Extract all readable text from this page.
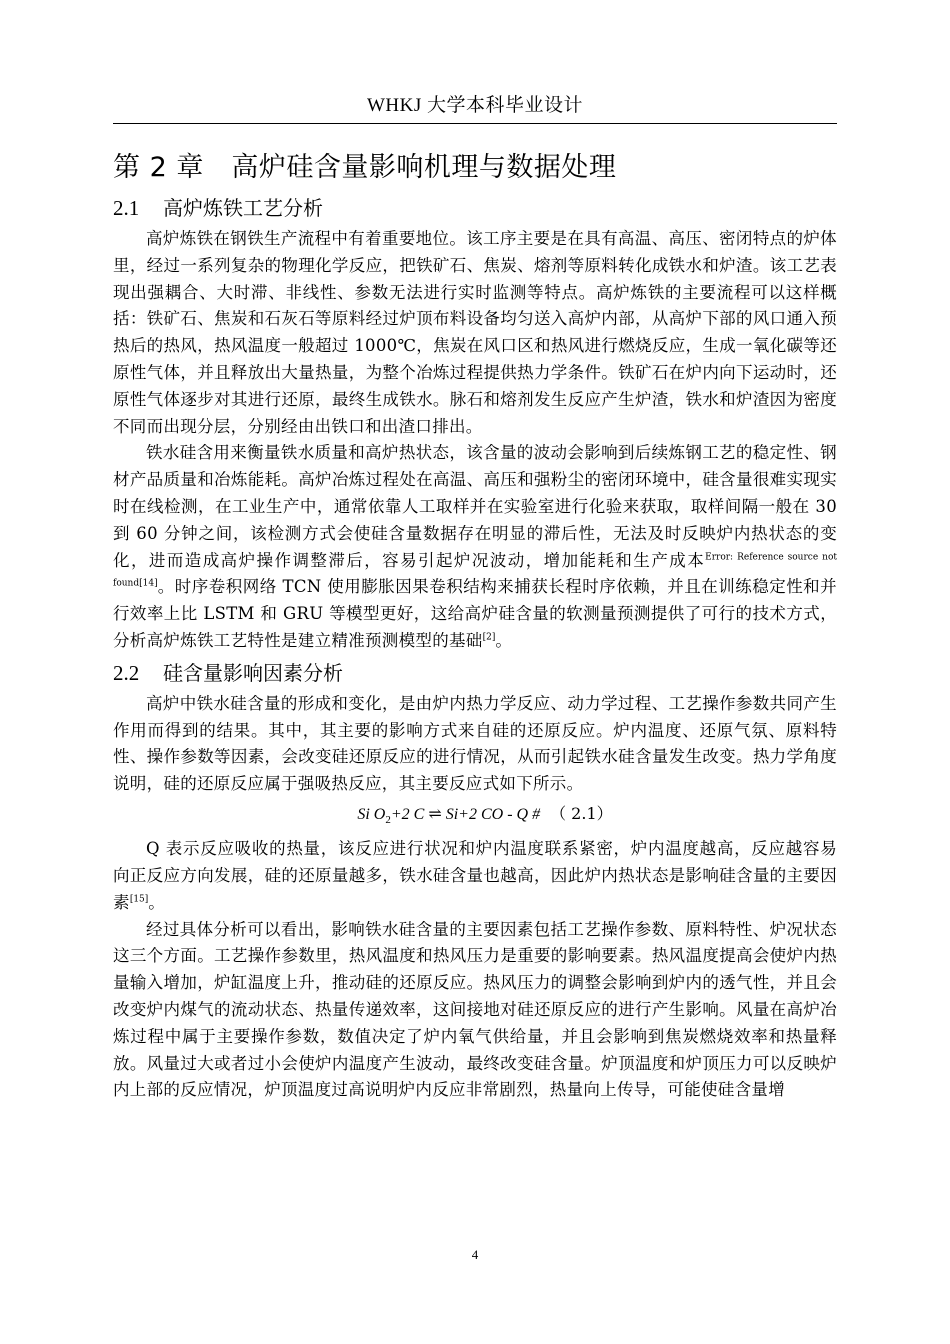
WHKJ 大学本科毕业设计
第 2 章　高炉硅含量影响机理与数据处理
2.1 高炉炼铁工艺分析

高炉炼铁在钢铁生产流程中有着重要地位。该工序主要是在具有高温、高压、密闭特点的炉体里，经过一系列复杂的物理化学反应，把铁矿石、焦炭、熔剂等原料转化成铁水和炉渣。该工艺表现出强耦合、大时滞、非线性、参数无法进行实时监测等特点。高炉炼铁的主要流程可以这样概括：铁矿石、焦炭和石灰石等原料经过炉顶布料设备均匀送入高炉内部，从高炉下部的风口通入预热后的热风，热风温度一般超过 1000℃，焦炭在风口区和热风进行燃烧反应，生成一氧化碳等还原性气体，并且释放出大量热量，为整个冶炼过程提供热力学条件。铁矿石在炉内向下运动时，还原性气体逐步对其进行还原，最终生成铁水。脉石和熔剂发生反应产生炉渣，铁水和炉渣因为密度不同而出现分层，分别经由出铁口和出渣口排出。

铁水硅含用来衡量铁水质量和高炉热状态，该含量的波动会影响到后续炼钢工艺的稳定性、钢材产品质量和冶炼能耗。高炉冶炼过程处在高温、高压和强粉尘的密闭环境中，硅含量很难实现实时在线检测，在工业生产中，通常依靠人工取样并在实验室进行化验来获取，取样间隔一般在 30 到 60 分钟之间，该检测方式会使硅含量数据存在明显的滞后性，无法及时反映炉内热状态的变化，进而造成高炉操作调整滞后，容易引起炉况波动，增加能耗和生产成本$^{Error: Reference source not found[14]}$。时序卷积网络 TCN 使用膨胀因果卷积结构来捕获长程时序依赖，并且在训练稳定性和并行效率上比 LSTM 和 GRU 等模型更好，这给高炉硅含量的软测量预测提供了可行的技术方式，分析高炉炼铁工艺特性是建立精准预测模型的基础[2]。

2.2 硅含量影响因素分析

高炉中铁水硅含量的形成和变化，是由炉内热力学反应、动力学过程、工艺操作参数共同产生作用而得到的结果。其中，其主要的影响方式来自硅的还原反应。炉内温度、还原气氛、原料特性、操作参数等因素，会改变硅还原反应的进行情况，从而引起铁水硅含量发生改变。热力学角度说明，硅的还原反应属于强吸热反应，其主要反应式如下所示。

Si $O_2+2$ C ⇌ Si+2 CO - Q # （ 2.1）

Q 表示反应吸收的热量，该反应进行状况和炉内温度联系紧密，炉内温度越高，反应越容易向正反应方向发展，硅的还原量越多，铁水硅含量也越高，因此炉内热状态是影响硅含量的主要因素[15]。

经过具体分析可以看出，影响铁水硅含量的主要因素包括工艺操作参数、原料特性、炉况状态这三个方面。工艺操作参数里，热风温度和热风压力是重要的影响要素。热风温度提高会使炉内热量输入增加，炉缸温度上升，推动硅的还原反应。热风压力的调整会影响到炉内的透气性，并且会改变炉内煤气的流动状态、热量传递效率，这间接地对硅还原反应的进行产生影响。风量在高炉冶炼过程中属于主要操作参数，数值决定了炉内氧气供给量，并且会影响到焦炭燃烧效率和热量释放。风量过大或者过小会使炉内温度产生波动，最终改变硅含量。炉顶温度和炉顶压力可以反映炉内上部的反应情况，炉顶温度过高说明炉内反应非常剧烈，热量向上传导，可能使硅含量增

4
